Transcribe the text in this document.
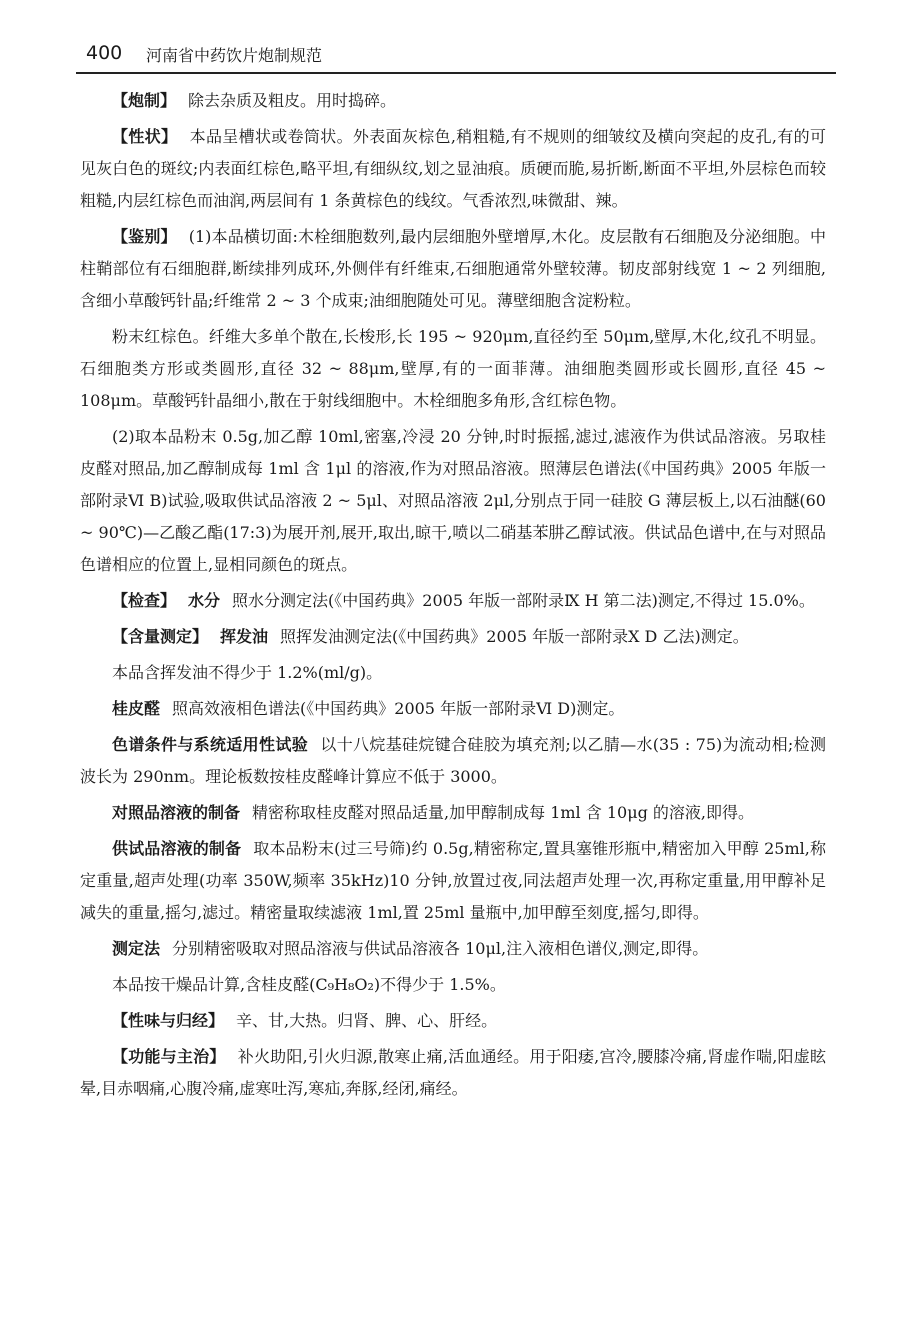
400 河南省中药饮片炮制规范

【炮制】 除去杂质及粗皮。用时捣碎。

【性状】 本品呈槽状或卷筒状。外表面灰棕色,稍粗糙,有不规则的细皱纹及横向突起的皮孔,有的可见灰白色的斑纹;内表面红棕色,略平坦,有细纵纹,划之显油痕。质硬而脆,易折断,断面不平坦,外层棕色而较粗糙,内层红棕色而油润,两层间有 1 条黄棕色的线纹。气香浓烈,味微甜、辣。

【鉴别】 (1)本品横切面:木栓细胞数列,最内层细胞外壁增厚,木化。皮层散有石细胞及分泌细胞。中柱鞘部位有石细胞群,断续排列成环,外侧伴有纤维束,石细胞通常外壁较薄。韧皮部射线宽 1 ~ 2 列细胞,含细小草酸钙针晶;纤维常 2 ~ 3 个成束;油细胞随处可见。薄壁细胞含淀粉粒。

粉末红棕色。纤维大多单个散在,长梭形,长 195 ~ 920μm,直径约至 50μm,壁厚,木化,纹孔不明显。石细胞类方形或类圆形,直径 32 ~ 88μm,壁厚,有的一面菲薄。油细胞类圆形或长圆形,直径 45 ~ 108μm。草酸钙针晶细小,散在于射线细胞中。木栓细胞多角形,含红棕色物。

(2)取本品粉末 0.5g,加乙醇 10ml,密塞,冷浸 20 分钟,时时振摇,滤过,滤液作为供试品溶液。另取桂皮醛对照品,加乙醇制成每 1ml 含 1μl 的溶液,作为对照品溶液。照薄层色谱法(《中国药典》2005 年版一部附录Ⅵ B)试验,吸取供试品溶液 2 ~ 5μl、对照品溶液 2μl,分别点于同一硅胶 G 薄层板上,以石油醚(60 ~ 90℃)—乙酸乙酯(17:3)为展开剂,展开,取出,晾干,喷以二硝基苯肼乙醇试液。供试品色谱中,在与对照品色谱相应的位置上,显相同颜色的斑点。

【检查】 水分 照水分测定法(《中国药典》2005 年版一部附录Ⅸ H 第二法)测定,不得过 15.0%。

【含量测定】 挥发油 照挥发油测定法(《中国药典》2005 年版一部附录Ⅹ D 乙法)测定。

本品含挥发油不得少于 1.2%(ml/g)。

桂皮醛 照高效液相色谱法(《中国药典》2005 年版一部附录Ⅵ D)测定。

色谱条件与系统适用性试验 以十八烷基硅烷键合硅胶为填充剂;以乙腈—水(35 : 75)为流动相;检测波长为 290nm。理论板数按桂皮醛峰计算应不低于 3000。

对照品溶液的制备 精密称取桂皮醛对照品适量,加甲醇制成每 1ml 含 10μg 的溶液,即得。

供试品溶液的制备 取本品粉末(过三号筛)约 0.5g,精密称定,置具塞锥形瓶中,精密加入甲醇 25ml,称定重量,超声处理(功率 350W,频率 35kHz)10 分钟,放置过夜,同法超声处理一次,再称定重量,用甲醇补足减失的重量,摇匀,滤过。精密量取续滤液 1ml,置 25ml 量瓶中,加甲醇至刻度,摇匀,即得。

测定法 分别精密吸取对照品溶液与供试品溶液各 10μl,注入液相色谱仪,测定,即得。

本品按干燥品计算,含桂皮醛(C₉H₈O₂)不得少于 1.5%。

【性味与归经】 辛、甘,大热。归肾、脾、心、肝经。

【功能与主治】 补火助阳,引火归源,散寒止痛,活血通经。用于阳痿,宫冷,腰膝冷痛,肾虚作喘,阳虚眩晕,目赤咽痛,心腹冷痛,虚寒吐泻,寒疝,奔豚,经闭,痛经。
